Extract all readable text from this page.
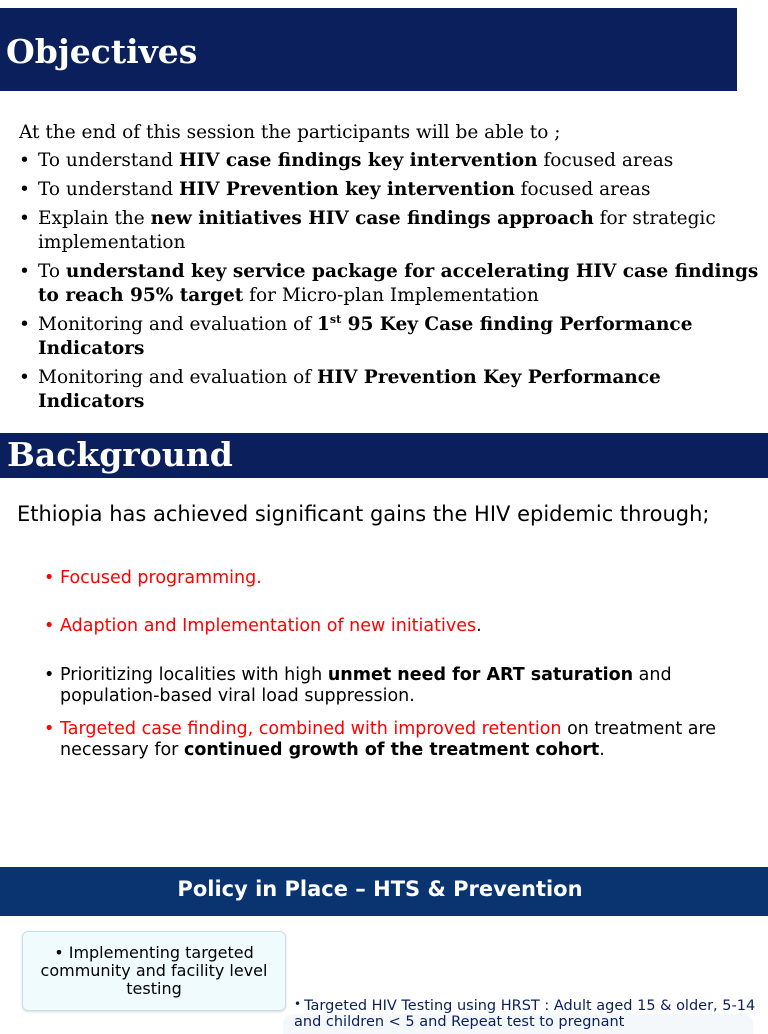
Objectives

At the end of this session the participants will be able to ;

• To understand HIV case findings key intervention focused areas
• To understand HIV Prevention key intervention focused areas
• Explain the new initiatives HIV case findings approach for strategic implementation
• To understand key service package for accelerating HIV case findings to reach 95% target for Micro-plan Implementation
• Monitoring and evaluation of 1st 95 Key Case finding Performance Indicators
• Monitoring and evaluation of HIV Prevention Key Performance Indicators
Background

Ethiopia has achieved significant gains the HIV epidemic through;

• Focused programming.
• Adaption and Implementation of new initiatives.
• Prioritizing localities with high unmet need for ART saturation and population-based viral load suppression.
• Targeted case finding, combined with improved retention on treatment are necessary for continued growth of the treatment cohort.
Policy in Place – HTS & Prevention

• Implementing targeted community and facility level testing

• Targeted HIV Testing using HRST : Adult aged 15 & older, 5-14 and children < 5 and Repeat test to pregnant
